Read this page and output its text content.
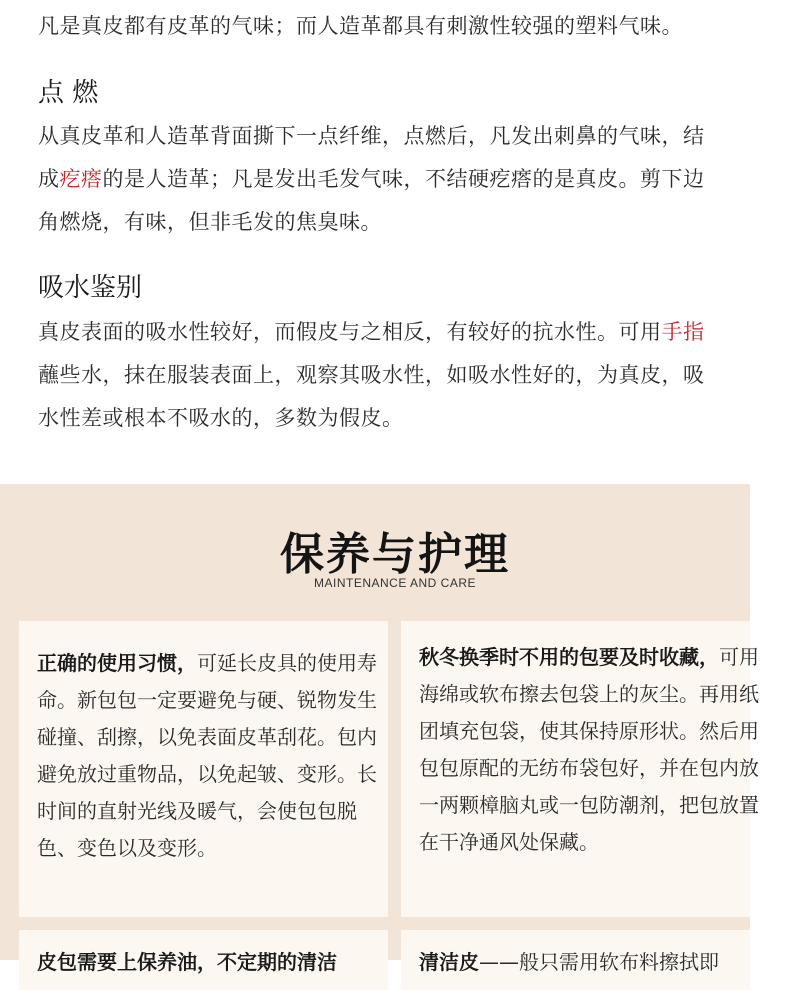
凡是真皮都有皮革的气味；而人造革都具有刺激性较强的塑料气味。
点 燃
从真皮革和人造革背面撕下一点纤维，点燃后，凡发出刺鼻的气味，结
成疙瘩的是人造革；凡是发出毛发气味，不结硬疙瘩的是真皮。剪下边
角燃烧，有味，但非毛发的焦臭味。
吸水鉴别
真皮表面的吸水性较好，而假皮与之相反，有较好的抗水性。可用手指
蘸些水，抹在服装表面上，观察其吸水性，如吸水性好的，为真皮，吸
水性差或根本不吸水的，多数为假皮。
保养与护理
MAINTENANCE AND CARE
正确的使用习惯，可延长皮具的使用寿命。新包包一定要避免与硬、锐物发生碰撞、刮擦，以免表面皮革刮花。包内避免放过重物品，以免起皱、变形。长时间的直射光线及暖气，会使包包脱色、变色以及变形。
秋冬换季时不用的包要及时收藏，可用海绵或软布擦去包袋上的灰尘。再用纸团填充包袋，使其保持原形状。然后用包包原配的无纺布袋包好，并在包内放一两颗樟脑丸或一包防潮剂，把包放置在干净通风处保藏。
皮包需要上保养油，不定期的清洁	清洁皮——般只需用软布料擦拭即
